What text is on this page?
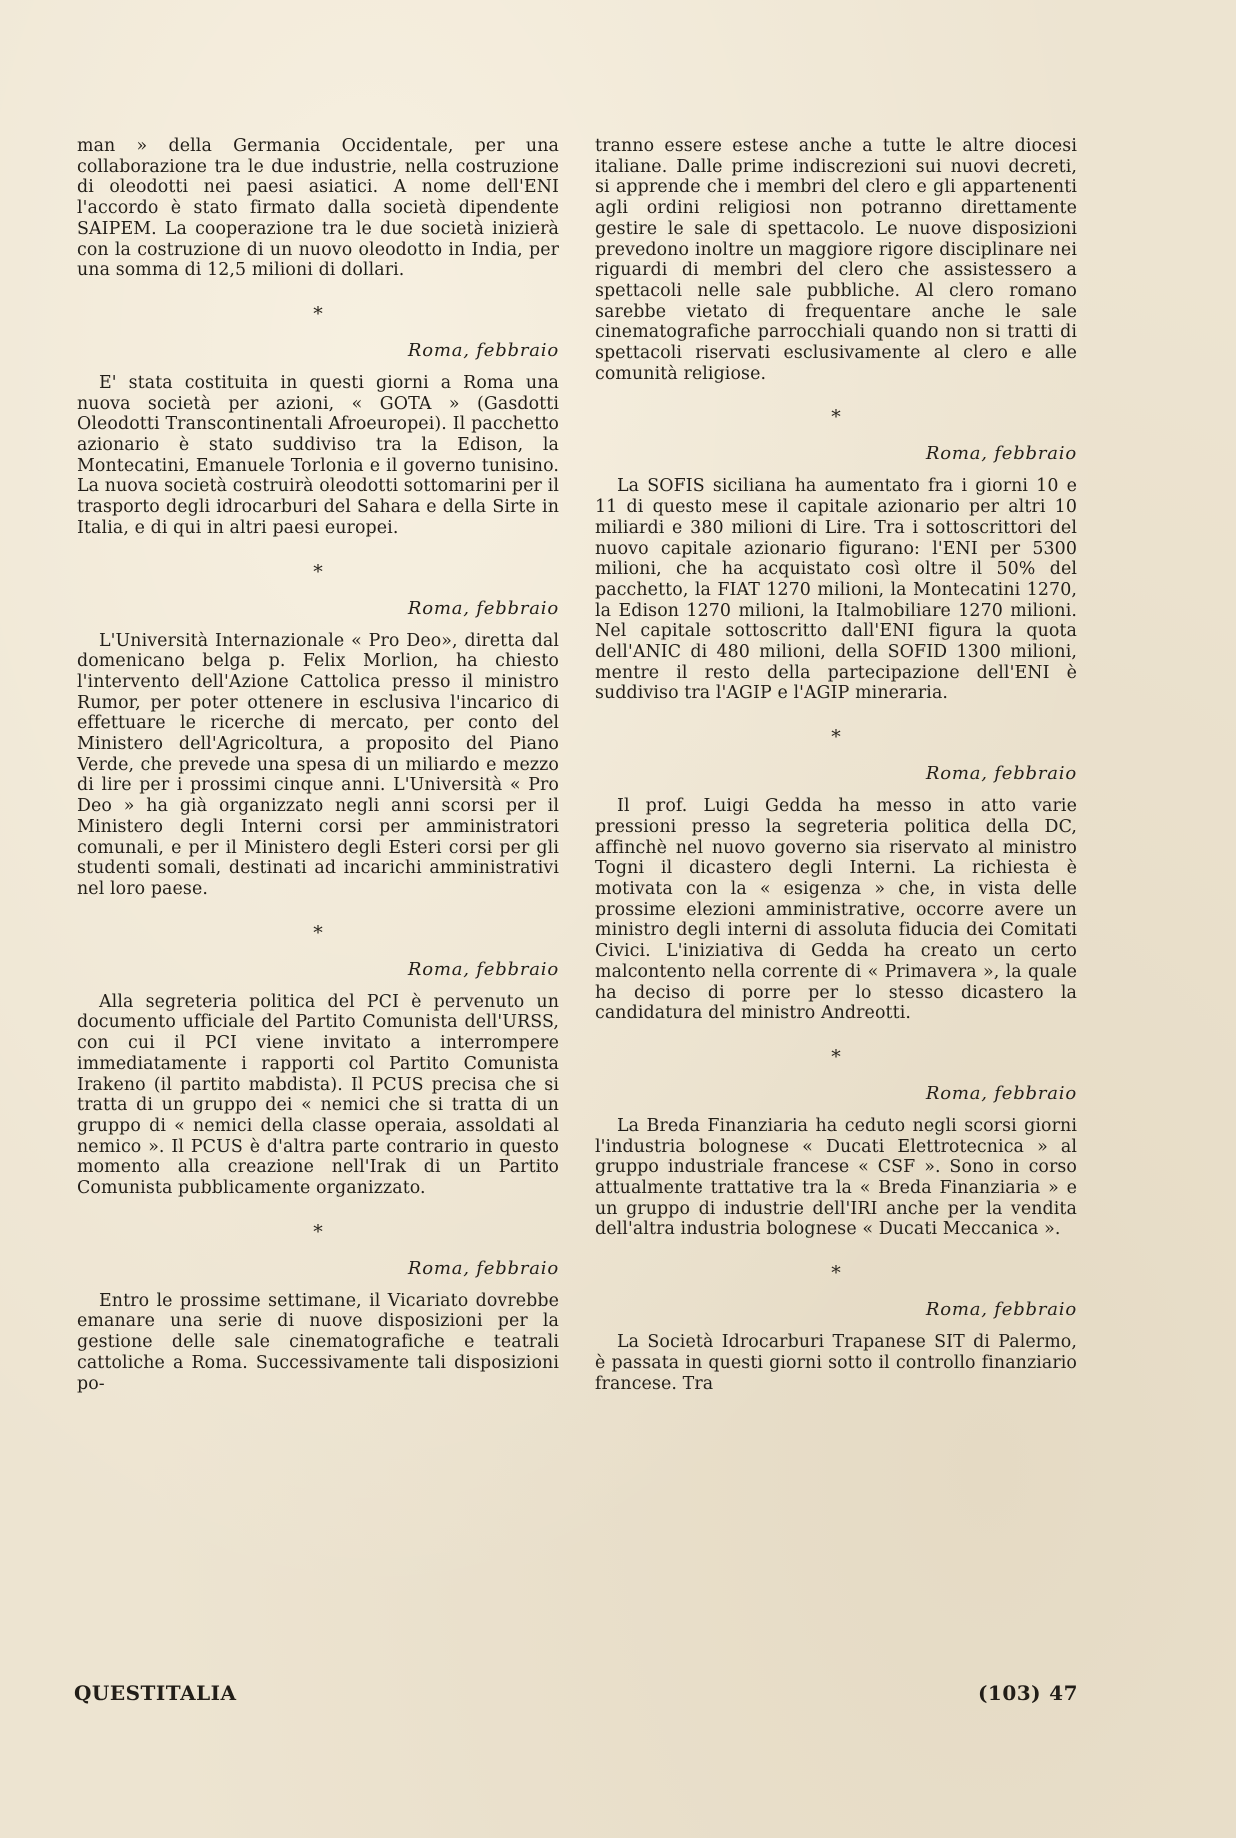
man » della Germania Occidentale, per una collaborazione tra le due industrie, nella costruzione di oleodotti nei paesi asiatici. A nome dell'ENI l'accordo è stato firmato dalla società dipendente SAIPEM. La cooperazione tra le due società inizierà con la costruzione di un nuovo oleodotto in India, per una somma di 12,5 milioni di dollari.

*
Roma, febbraio

E' stata costituita in questi giorni a Roma una nuova società per azioni, « GOTA » (Gasdotti Oleodotti Transcontinentali Afroeuropei). Il pacchetto azionario è stato suddiviso tra la Edison, la Montecatini, Emanuele Torlonia e il governo tunisino. La nuova società costruirà oleodotti sottomarini per il trasporto degli idrocarburi del Sahara e della Sirte in Italia, e di qui in altri paesi europei.

*
Roma, febbraio

L'Università Internazionale « Pro Deo», diretta dal domenicano belga p. Felix Morlion, ha chiesto l'intervento dell'Azione Cattolica presso il ministro Rumor, per poter ottenere in esclusiva l'incarico di effettuare le ricerche di mercato, per conto del Ministero dell'Agricoltura, a proposito del Piano Verde, che prevede una spesa di un miliardo e mezzo di lire per i prossimi cinque anni. L'Università « Pro Deo » ha già organizzato negli anni scorsi per il Ministero degli Interni corsi per amministratori comunali, e per il Ministero degli Esteri corsi per gli studenti somali, destinati ad incarichi amministrativi nel loro paese.

*
Roma, febbraio

Alla segreteria politica del PCI è pervenuto un documento ufficiale del Partito Comunista dell'URSS, con cui il PCI viene invitato a interrompere immediatamente i rapporti col Partito Comunista Irakeno (il partito mabdista). Il PCUS precisa che si tratta di un gruppo dei « nemici che si tratta di un gruppo di « nemici della classe operaia, assoldati al nemico ». Il PCUS è d'altra parte contrario in questo momento alla creazione nell'Irak di un Partito Comunista pubblicamente organizzato.

*
Roma, febbraio

Entro le prossime settimane, il Vicariato dovrebbe emanare una serie di nuove disposizioni per la gestione delle sale cinematografiche e teatrali cattoliche a Roma. Successivamente tali disposizioni po-

tranno essere estese anche a tutte le altre diocesi italiane. Dalle prime indiscrezioni sui nuovi decreti, si apprende che i membri del clero e gli appartenenti agli ordini religiosi non potranno direttamente gestire le sale di spettacolo. Le nuove disposizioni prevedono inoltre un maggiore rigore disciplinare nei riguardi di membri del clero che assistessero a spettacoli nelle sale pubbliche. Al clero romano sarebbe vietato di frequentare anche le sale cinematografiche parrocchiali quando non si tratti di spettacoli riservati esclusivamente al clero e alle comunità religiose.

*
Roma, febbraio

La SOFIS siciliana ha aumentato fra i giorni 10 e 11 di questo mese il capitale azionario per altri 10 miliardi e 380 milioni di Lire. Tra i sottoscrittori del nuovo capitale azionario figurano: l'ENI per 5300 milioni, che ha acquistato così oltre il 50% del pacchetto, la FIAT 1270 milioni, la Montecatini 1270, la Edison 1270 milioni, la Italmobiliare 1270 milioni. Nel capitale sottoscritto dall'ENI figura la quota dell'ANIC di 480 milioni, della SOFID 1300 milioni, mentre il resto della partecipazione dell'ENI è suddiviso tra l'AGIP e l'AGIP mineraria.

*
Roma, febbraio

Il prof. Luigi Gedda ha messo in atto varie pressioni presso la segreteria politica della DC, affinchè nel nuovo governo sia riservato al ministro Togni il dicastero degli Interni. La richiesta è motivata con la « esigenza » che, in vista delle prossime elezioni amministrative, occorre avere un ministro degli interni di assoluta fiducia dei Comitati Civici. L'iniziativa di Gedda ha creato un certo malcontento nella corrente di « Primavera », la quale ha deciso di porre per lo stesso dicastero la candidatura del ministro Andreotti.

*
Roma, febbraio

La Breda Finanziaria ha ceduto negli scorsi giorni l'industria bolognese « Ducati Elettrotecnica » al gruppo industriale francese « CSF ». Sono in corso attualmente trattative tra la « Breda Finanziaria » e un gruppo di industrie dell'IRI anche per la vendita dell'altra industria bolognese « Ducati Meccanica ».

*
Roma, febbraio

La Società Idrocarburi Trapanese SIT di Palermo, è passata in questi giorni sotto il controllo finanziario francese. Tra

QUESTITALIA	(103) 47
